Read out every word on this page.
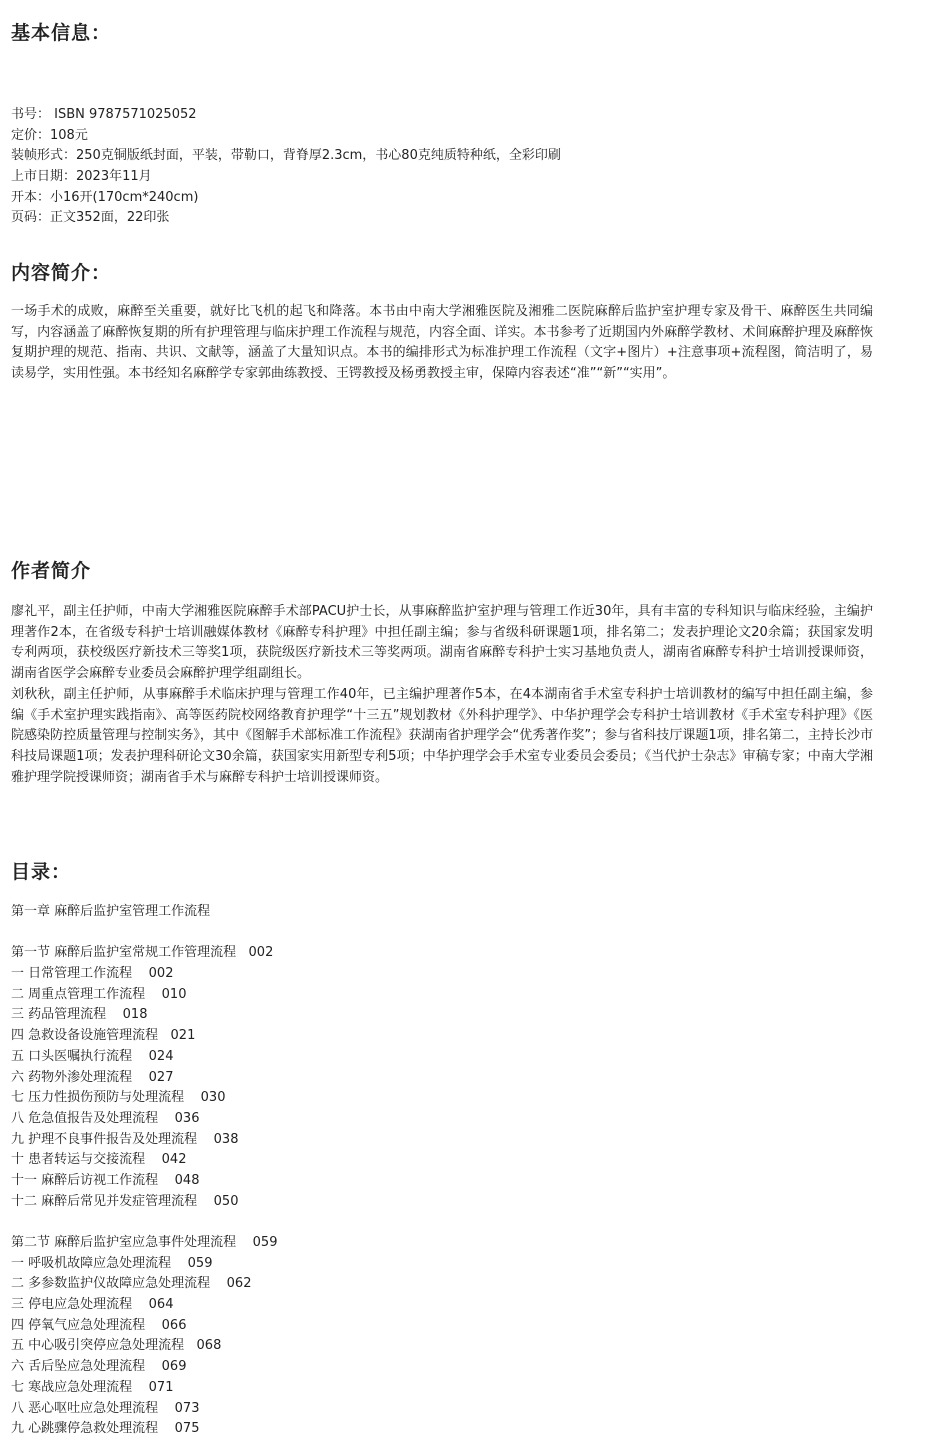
基本信息：
书号： ISBN 9787571025052
定价：108元
装帧形式：250克铜版纸封面，平装，带勒口，背脊厚2.3cm，书心80克纯质特种纸，全彩印刷
上市日期：2023年11月
开本：小16开(170cm*240cm)
页码：正文352面，22印张
内容简介：

一场手术的成败，麻醉至关重要，就好比飞机的起飞和降落。本书由中南大学湘雅医院及湘雅二医院麻醉后监护室护理专家及骨干、麻醉医生共同编写，内容涵盖了麻醉恢复期的所有护理管理与临床护理工作流程与规范，内容全面、详实。本书参考了近期国内外麻醉学教材、术间麻醉护理及麻醉恢复期护理的规范、指南、共识、文献等，涵盖了大量知识点。本书的编排形式为标准护理工作流程（文字+图片）+注意事项+流程图，简洁明了，易读易学，实用性强。本书经知名麻醉学专家郭曲练教授、王锷教授及杨勇教授主审，保障内容表述“准”“新”“实用”。

作者简介

廖礼平，副主任护师，中南大学湘雅医院麻醉手术部PACU护士长，从事麻醉监护室护理与管理工作近30年，具有丰富的专科知识与临床经验，主编护理著作2本，在省级专科护士培训融媒体教材《麻醉专科护理》中担任副主编；参与省级科研课题1项，排名第二；发表护理论文20余篇；获国家发明专利两项，获校级医疗新技术三等奖1项，获院级医疗新技术三等奖两项。湖南省麻醉专科护士实习基地负责人，湖南省麻醉专科护士培训授课师资，湖南省医学会麻醉专业委员会麻醉护理学组副组长。

刘秋秋，副主任护师，从事麻醉手术临床护理与管理工作40年，已主编护理著作5本，在4本湖南省手术室专科护士培训教材的编写中担任副主编，参编《手术室护理实践指南》、高等医药院校网络教育护理学“十三五”规划教材《外科护理学》、中华护理学会专科护士培训教材《手术室专科护理》《医院感染防控质量管理与控制实务》，其中《图解手术部标准工作流程》获湖南省护理学会“优秀著作奖”；参与省科技厅课题1项，排名第二，主持长沙市科技局课题1项；发表护理科研论文30余篇，获国家实用新型专利5项；中华护理学会手术室专业委员会委员；《当代护士杂志》审稿专家；中南大学湘雅护理学院授课师资；湖南省手术与麻醉专科护士培训授课师资。

目录：
第一章 麻醉后监护室管理工作流程
第一节 麻醉后监护室常规工作管理流程   002
一 日常管理工作流程    002
二 周重点管理工作流程    010
三 药品管理流程    018
四 急救设备设施管理流程   021
五 口头医嘱执行流程    024
六 药物外渗处理流程    027
七 压力性损伤预防与处理流程    030
八 危急值报告及处理流程    036
九 护理不良事件报告及处理流程    038
十 患者转运与交接流程    042
十一 麻醉后访视工作流程    048
十二 麻醉后常见并发症管理流程    050
第二节 麻醉后监护室应急事件处理流程    059
一 呼吸机故障应急处理流程    059
二 多参数监护仪故障应急处理流程    062
三 停电应急处理流程    064
四 停氧气应急处理流程    066
五 中心吸引突停应急处理流程   068
六 舌后坠应急处理流程    069
七 寒战应急处理流程    071
八 恶心呕吐应急处理流程    073
九 心跳骤停急救处理流程    075
